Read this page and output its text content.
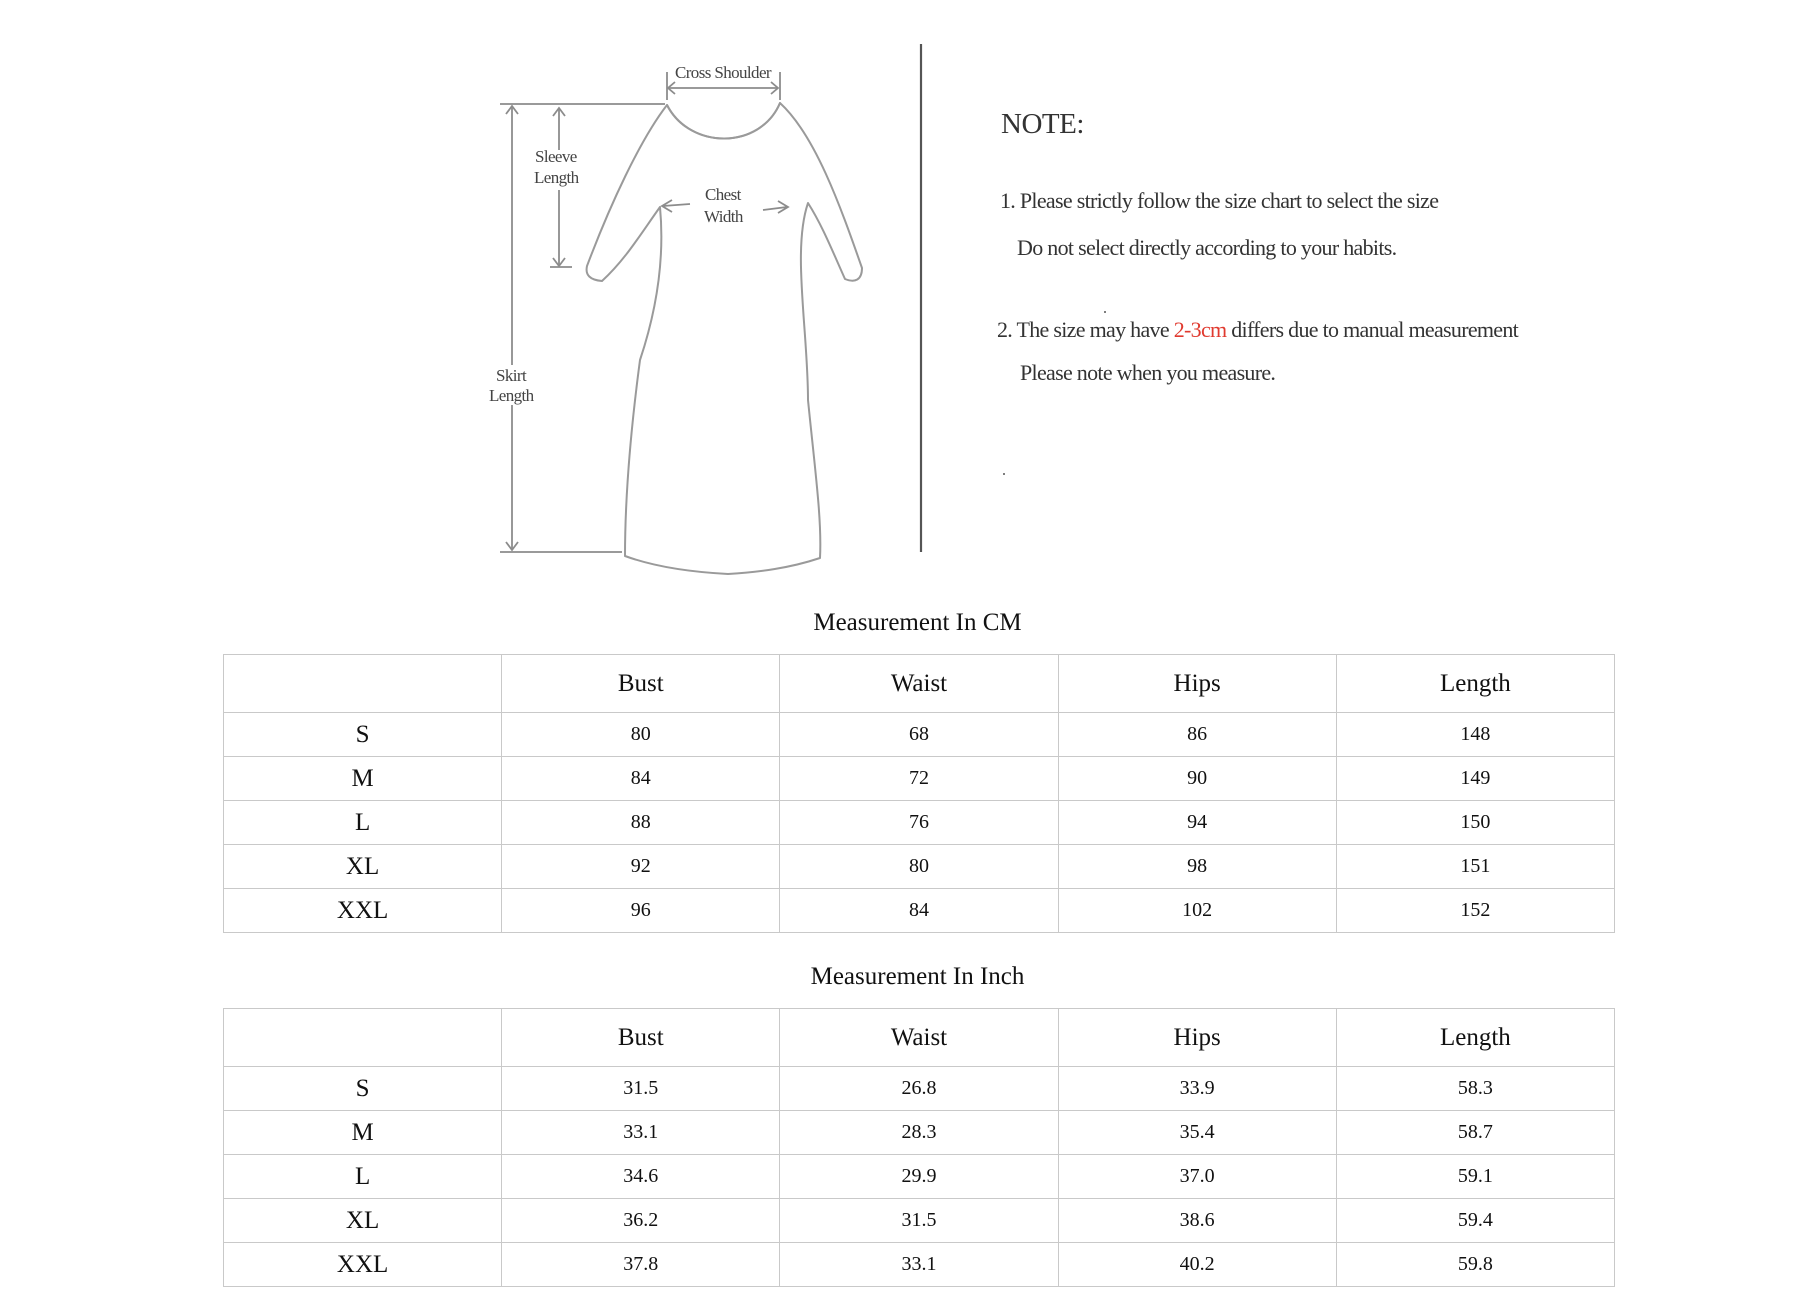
Cross Shoulder
Sleeve
Length
Chest
Width
Skirt
Length
NOTE:
1. Please strictly follow the size chart to select the size
Do not select directly according to your habits.
2. The size may have 2-3cm differs due to manual measurement
Please note when you measure.
Measurement In CM
	Bust	Waist	Hips	Length
S	80	68	86	148
M	84	72	90	149
L	88	76	94	150
XL	92	80	98	151
XXL	96	84	102	152
Measurement In Inch
	Bust	Waist	Hips	Length
S	31.5	26.8	33.9	58.3
M	33.1	28.3	35.4	58.7
L	34.6	29.9	37.0	59.1
XL	36.2	31.5	38.6	59.4
XXL	37.8	33.1	40.2	59.8
